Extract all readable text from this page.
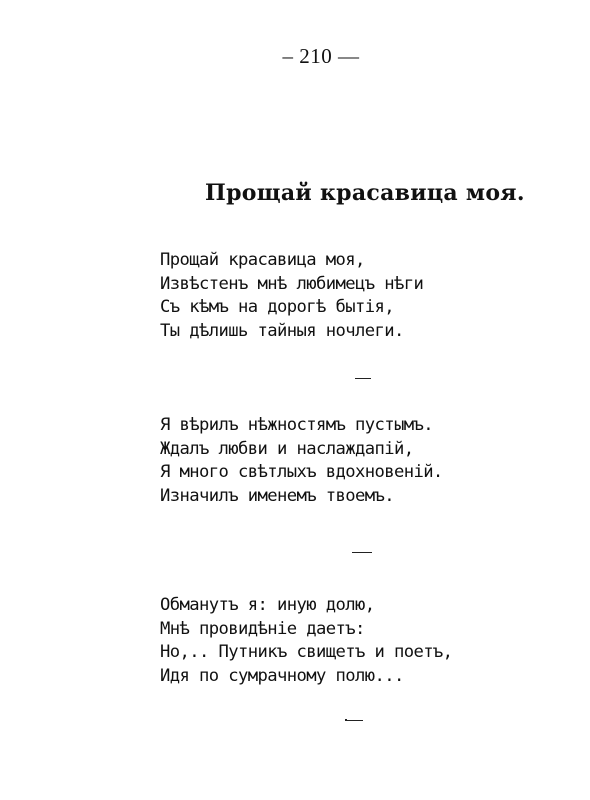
– 210 —
Прощай красавица моя.
Прощай красавица моя,
Извѣстенъ мнѣ любимецъ нѣги
Съ кѣмъ на дорогѣ бытія,
Ты дѣлишь тайныя ночлеги.
Я вѣрилъ нѣжностямъ пустымъ.
Ждалъ любви и наслаждапій,
Я много свѣтлыхъ вдохновеній.
Изначилъ именемъ твоемъ.
Обманутъ я: иную долю,
Мнѣ провидѣніе даетъ:
Но,.. Путникъ свищетъ и поетъ,
Идя по сумрачному полю...
